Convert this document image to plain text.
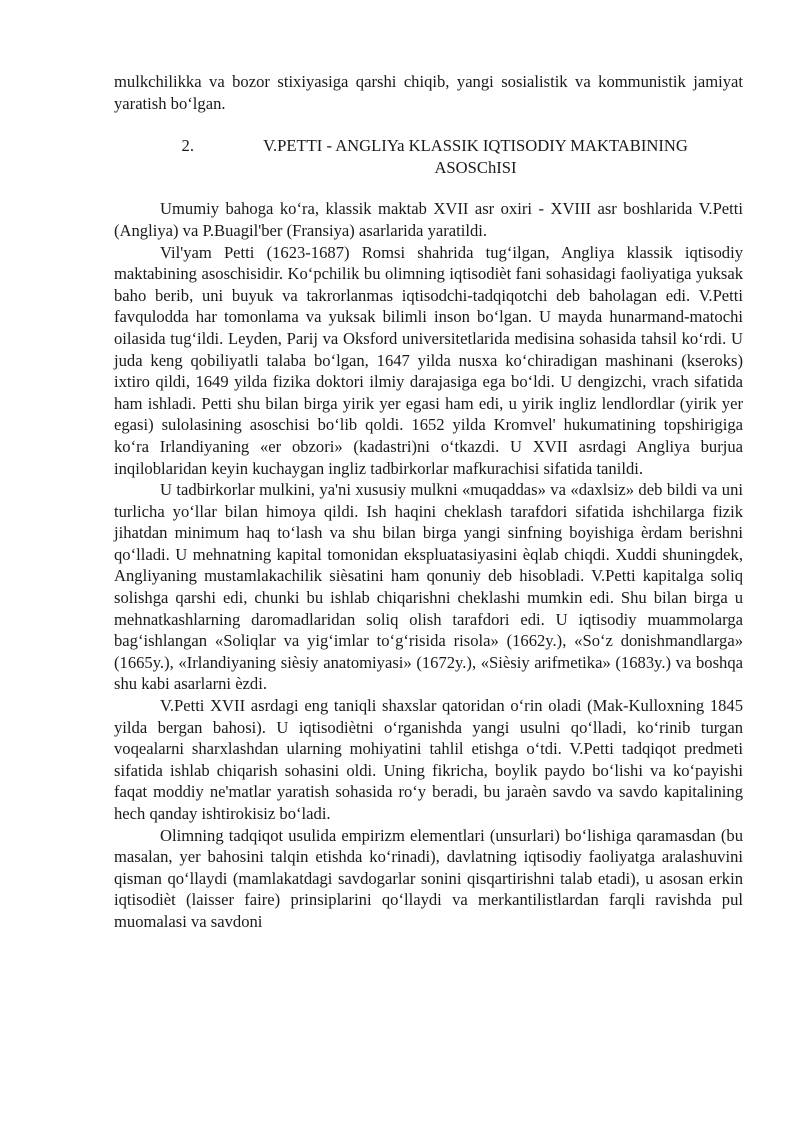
mulkchilikka va bozor stixiyasiga qarshi chiqib, yangi sosialistik va kommunistik jamiyat yaratish bo‘lgan.

2.	V.PETTI - ANGLIYa KLASSIK IQTISODIY MAKTABINING ASOSChISI

Umumiy bahoga ko‘ra, klassik maktab XVII asr oxiri - XVIII asr boshlarida V.Petti (Angliya) va P.Buagil'ber (Fransiya) asarlarida yaratildi.

Vil'yam Petti (1623-1687) Romsi shahrida tug‘ilgan, Angliya klassik iqtisodiy maktabining asoschisidir. Ko‘pchilik bu olimning iqtisodièt fani sohasidagi faoliyatiga yuksak baho berib, uni buyuk va takrorlanmas iqtisodchi-tadqiqotchi deb baholagan edi. V.Petti favqulodda har tomonlama va yuksak bilimli inson bo‘lgan. U mayda hunarmand-matochi oilasida tug‘ildi. Leyden, Parij va Oksford universitetlarida medisina sohasida tahsil ko‘rdi. U juda keng qobiliyatli talaba bo‘lgan, 1647 yilda nusxa ko‘chiradigan mashinani (kseroks) ixtiro qildi, 1649 yilda fizika doktori ilmiy darajasiga ega bo‘ldi. U dengizchi, vrach sifatida ham ishladi. Petti shu bilan birga yirik yer egasi ham edi, u yirik ingliz lendlordlar (yirik yer egasi) sulolasining asoschisi bo‘lib qoldi. 1652 yilda Kromvel' hukumatining topshirigiga ko‘ra Irlandiyaning «er obzori» (kadastri)ni o‘tkazdi. U XVII asrdagi Angliya burjua inqiloblaridan keyin kuchaygan ingliz tadbirkorlar mafkurachisi sifatida tanildi.

U tadbirkorlar mulkini, ya'ni xususiy mulkni «muqaddas» va «daxlsiz» deb bildi va uni turlicha yo‘llar bilan himoya qildi. Ish haqini cheklash tarafdori sifatida ishchilarga fizik jihatdan minimum haq to‘lash va shu bilan birga yangi sinfning boyishiga èrdam berishni qo‘lladi. U mehnatning kapital tomonidan ekspluatasiyasini èqlab chiqdi. Xuddi shuningdek, Angliyaning mustamlakachilik sièsatini ham qonuniy deb hisobladi. V.Petti kapitalga soliq solishga qarshi edi, chunki bu ishlab chiqarishni cheklashi mumkin edi. Shu bilan birga u mehnatkashlarning daromadlaridan soliq olish tarafdori edi. U iqtisodiy muammolarga bag‘ishlangan «Soliqlar va yig‘imlar to‘g‘risida risola» (1662y.), «So‘z donishmandlarga» (1665y.), «Irlandiyaning sièsiy anatomiyasi» (1672y.), «Sièsiy arifmetika» (1683y.) va boshqa shu kabi asarlarni èzdi.

V.Petti XVII asrdagi eng taniqli shaxslar qatoridan o‘rin oladi (Mak-Kulloxning 1845 yilda bergan bahosi). U iqtisodiètni o‘rganishda yangi usulni qo‘lladi, ko‘rinib turgan voqealarni sharxlashdan ularning mohiyatini tahlil etishga o‘tdi. V.Petti tadqiqot predmeti sifatida ishlab chiqarish sohasini oldi. Uning fikricha, boylik paydo bo‘lishi va ko‘payishi faqat moddiy ne'matlar yaratish sohasida ro‘y beradi, bu jaraèn savdo va savdo kapitalining hech qanday ishtirokisiz bo‘ladi.

Olimning tadqiqot usulida empirizm elementlari (unsurlari) bo‘lishiga qaramasdan (bu masalan, yer bahosini talqin etishda ko‘rinadi), davlatning iqtisodiy faoliyatga aralashuvini qisman qo‘llaydi (mamlakatdagi savdogarlar sonini qisqartirishni talab etadi), u asosan erkin iqtisodièt (laisser faire) prinsiplarini qo‘llaydi va merkantilistlardan farqli ravishda pul muomalasi va savdoni
